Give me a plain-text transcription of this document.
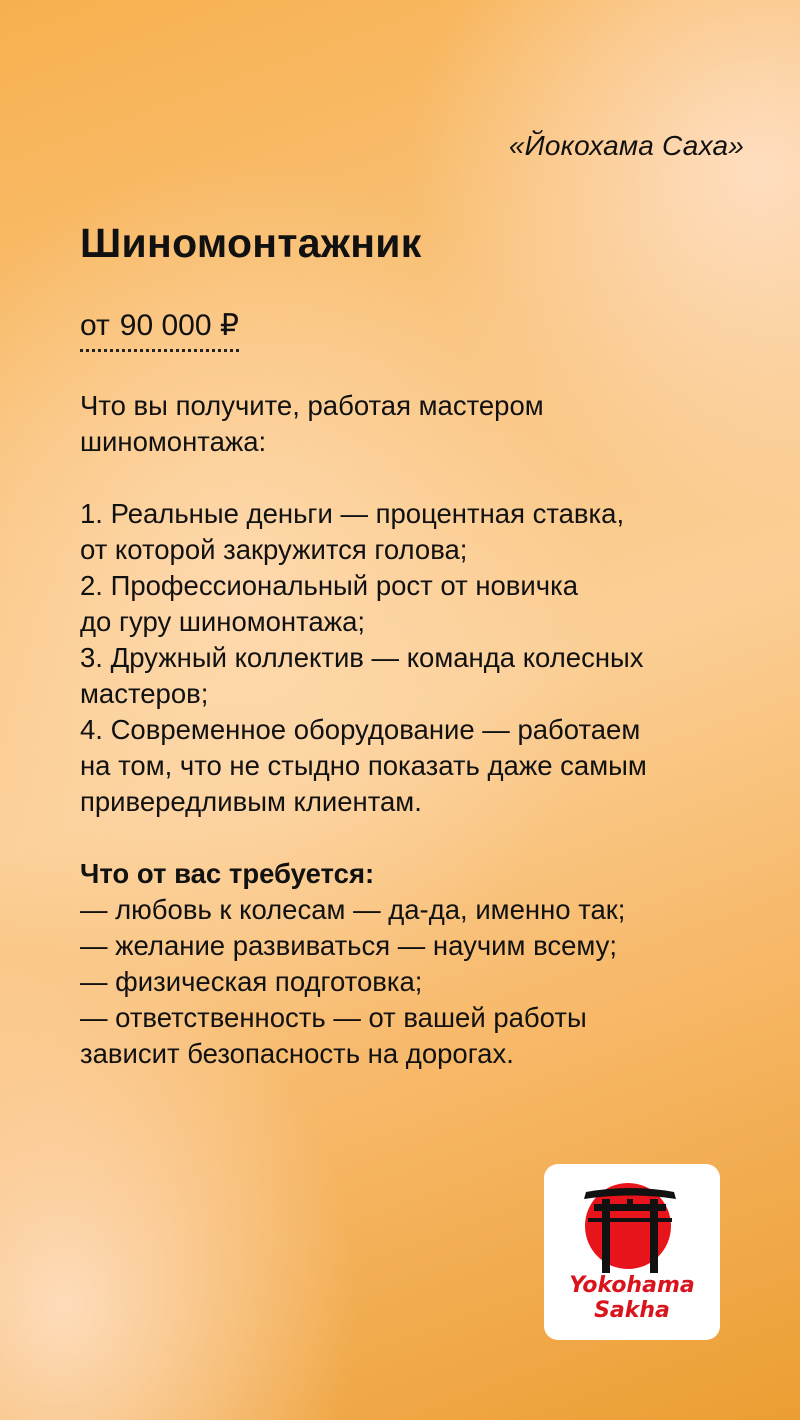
«Йокохама Саха»
Шиномонтажник
от 90 000 ₽

Что вы получите, работая мастером

шиномонтажа:

1. Реальные деньги — процентная ставка,

от которой закружится голова;

2. Профессиональный рост от новичка

до гуру шиномонтажа;

3. Дружный коллектив — команда колесных

мастеров;

4. Современное оборудование — работаем

на том, что не стыдно показать даже самым

привередливым клиентам.

Что от вас требуется:

— любовь к колесам — да-да, именно так;

— желание развиваться — научим всему;

— физическая подготовка;

— ответственность — от вашей работы

зависит безопасность на дорогах.

Yokohama
Sakha
